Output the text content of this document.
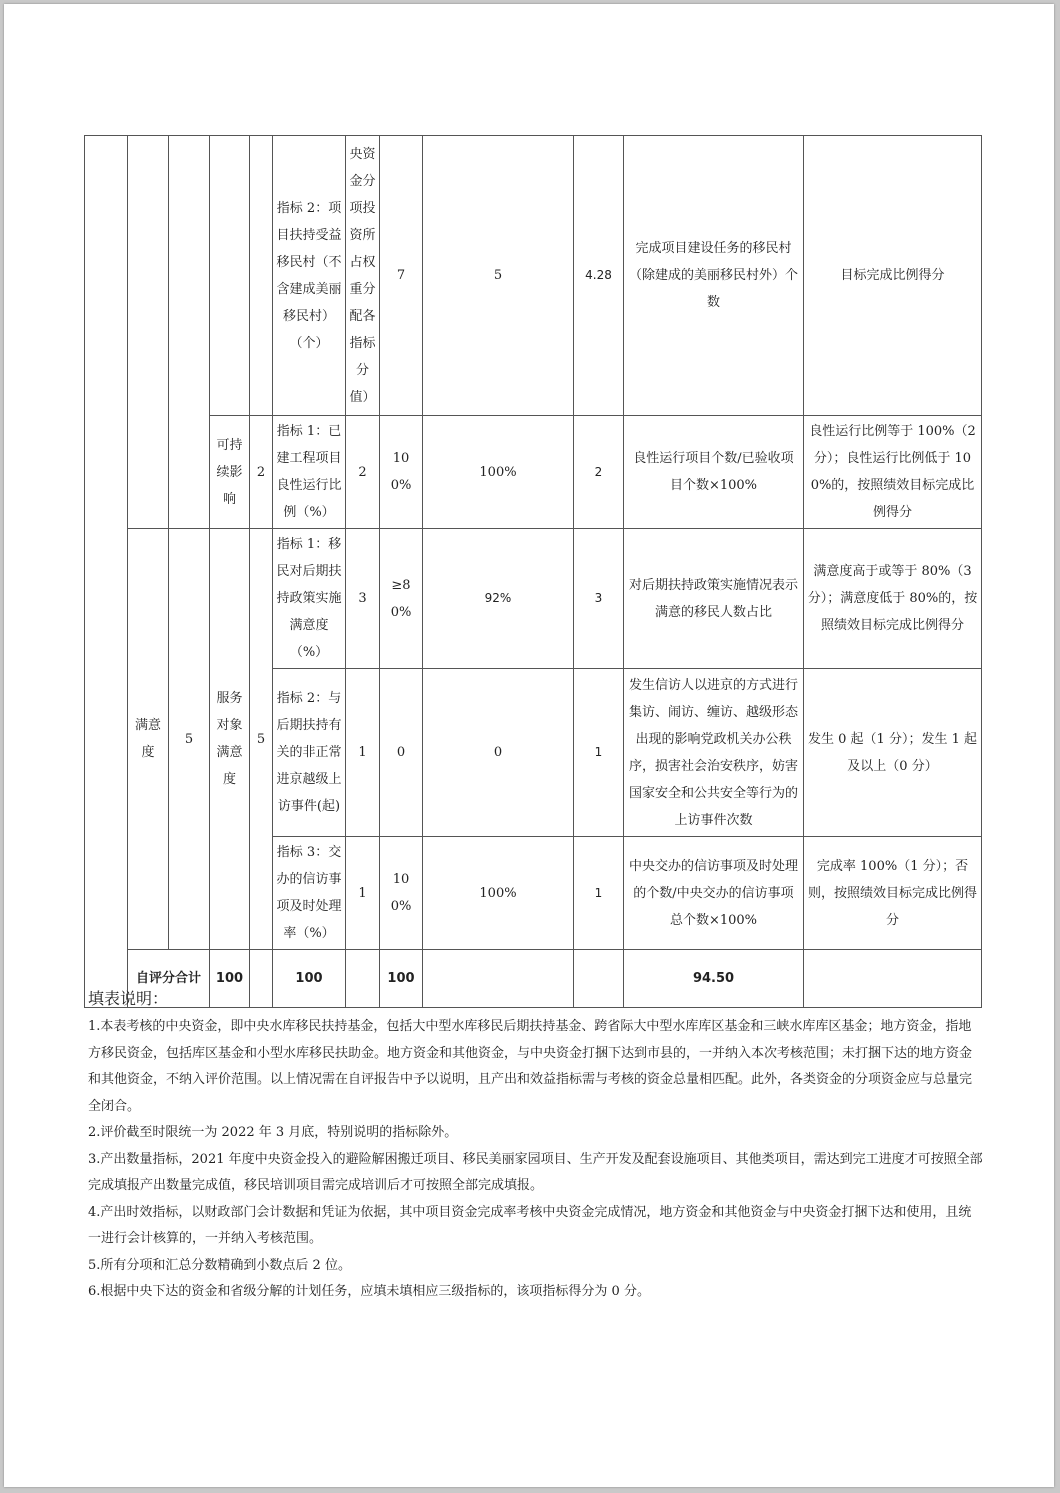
					指标 2：项目扶持受益移民村（不含建成美丽移民村）（个）	央资金分项投资所占权重分配各指标分值）	7	5	4.28	完成项目建设任务的移民村（除建成的美丽移民村外）个数	目标完成比例得分	
			可持续影响	2	指标 1：已建工程项目良性运行比例（%）	2	100%	100%	2	良性运行项目个数/已验收项目个数×100%	良性运行比例等于 100%（2 分）；良性运行比例低于 100%的，按照绩效目标完成比例得分	
	满意度	5	服务对象满意度	5	指标 1：移民对后期扶持政策实施满意度（%）	3	≥80%	92%	3	对后期扶持政策实施情况表示满意的移民人数占比	满意度高于或等于 80%（3 分）；满意度低于 80%的，按照绩效目标完成比例得分	
					指标 2：与后期扶持有关的非正常进京越级上访事件(起)	1	0	0	1	发生信访人以进京的方式进行集访、闹访、缠访、越级形态出现的影响党政机关办公秩序，损害社会治安秩序，妨害国家安全和公共安全等行为的上访事件次数	发生 0 起（1 分）；发生 1 起及以上（0 分）	
					指标 3：交办的信访事项及时处理率（%）	1	100%	100%	1	中央交办的信访事项及时处理的个数/中央交办的信访事项总个数×100%	完成率 100%（1 分）；否则，按照绩效目标完成比例得分	
	自评分合计		100		100		100			94.50		
填表说明：

1.本表考核的中央资金，即中央水库移民扶持基金，包括大中型水库移民后期扶持基金、跨省际大中型水库库区基金和三峡水库库区基金；地方资金，指地方移民资金，包括库区基金和小型水库移民扶助金。地方资金和其他资金，与中央资金打捆下达到市县的，一并纳入本次考核范围；未打捆下达的地方资金和其他资金，不纳入评价范围。以上情况需在自评报告中予以说明，且产出和效益指标需与考核的资金总量相匹配。此外，各类资金的分项资金应与总量完全闭合。

2.评价截至时限统一为 2022 年 3 月底，特别说明的指标除外。

3.产出数量指标，2021 年度中央资金投入的避险解困搬迁项目、移民美丽家园项目、生产开发及配套设施项目、其他类项目，需达到完工进度才可按照全部完成填报产出数量完成值，移民培训项目需完成培训后才可按照全部完成填报。

4.产出时效指标，以财政部门会计数据和凭证为依据，其中项目资金完成率考核中央资金完成情况，地方资金和其他资金与中央资金打捆下达和使用，且统一进行会计核算的，一并纳入考核范围。

5.所有分项和汇总分数精确到小数点后 2 位。

6.根据中央下达的资金和省级分解的计划任务，应填未填相应三级指标的，该项指标得分为 0 分。
